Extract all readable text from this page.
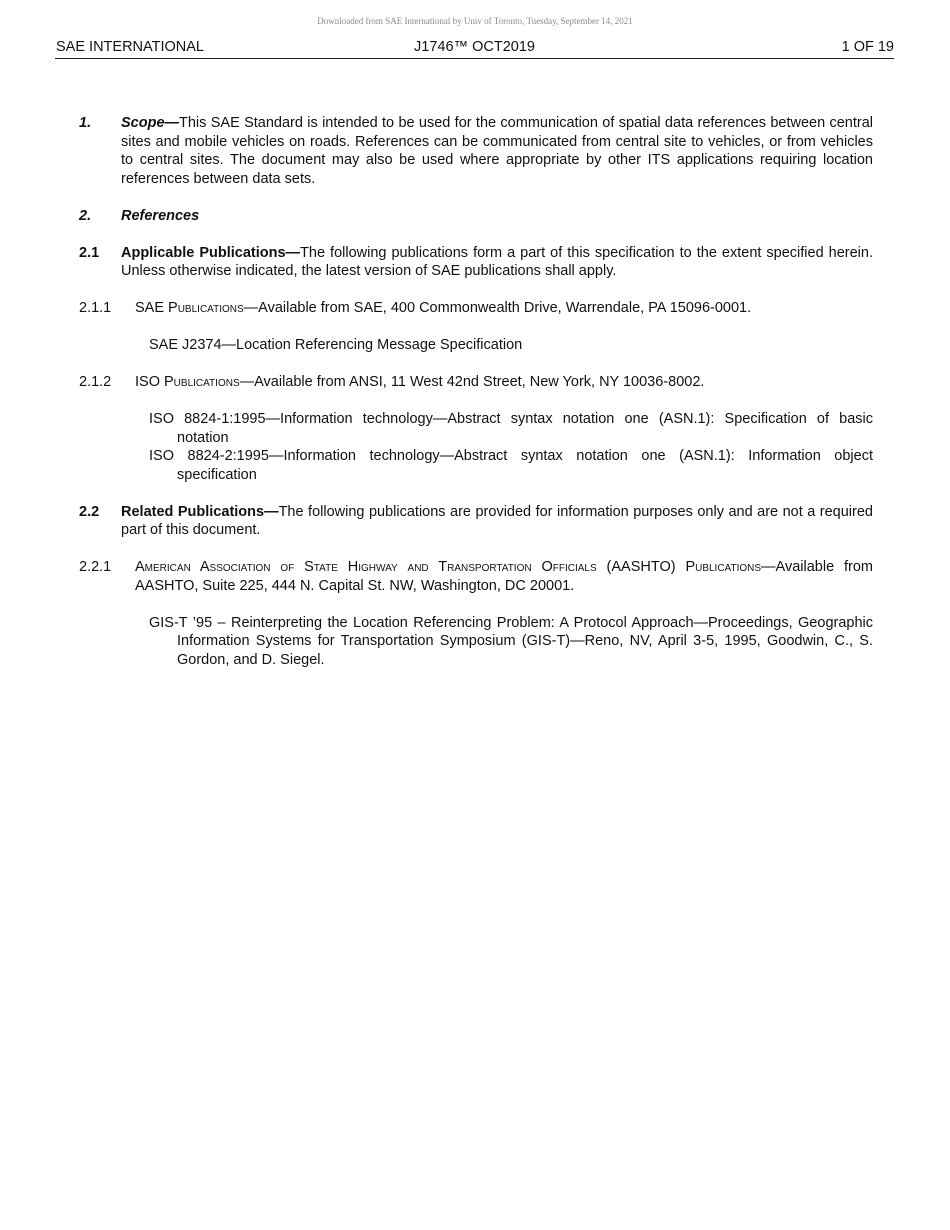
Downloaded from SAE International by Univ of Toronto, Tuesday, September 14, 2021
SAE INTERNATIONAL	J1746™ OCT2019	1 OF 19
1. Scope—This SAE Standard is intended to be used for the communication of spatial data references between central sites and mobile vehicles on roads. References can be communicated from central site to vehicles, or from vehicles to central sites. The document may also be used where appropriate by other ITS applications requiring location references between data sets.
2. References
2.1 Applicable Publications—The following publications form a part of this specification to the extent specified herein. Unless otherwise indicated, the latest version of SAE publications shall apply.
2.1.1 SAE Publications—Available from SAE, 400 Commonwealth Drive, Warrendale, PA 15096-0001.
SAE J2374—Location Referencing Message Specification
2.1.2 ISO Publications—Available from ANSI, 11 West 42nd Street, New York, NY 10036-8002.
ISO 8824-1:1995—Information technology—Abstract syntax notation one (ASN.1): Specification of basic notation
ISO 8824-2:1995—Information technology—Abstract syntax notation one (ASN.1): Information object specification
2.2 Related Publications—The following publications are provided for information purposes only and are not a required part of this document.
2.2.1 American Association of State Highway and Transportation Officials (AASHTO) Publications—Available from AASHTO, Suite 225, 444 N. Capital St. NW, Washington, DC 20001.
GIS-T ’95 – Reinterpreting the Location Referencing Problem: A Protocol Approach—Proceedings, Geographic Information Systems for Transportation Symposium (GIS-T)—Reno, NV, April 3-5, 1995, Goodwin, C., S. Gordon, and D. Siegel.
